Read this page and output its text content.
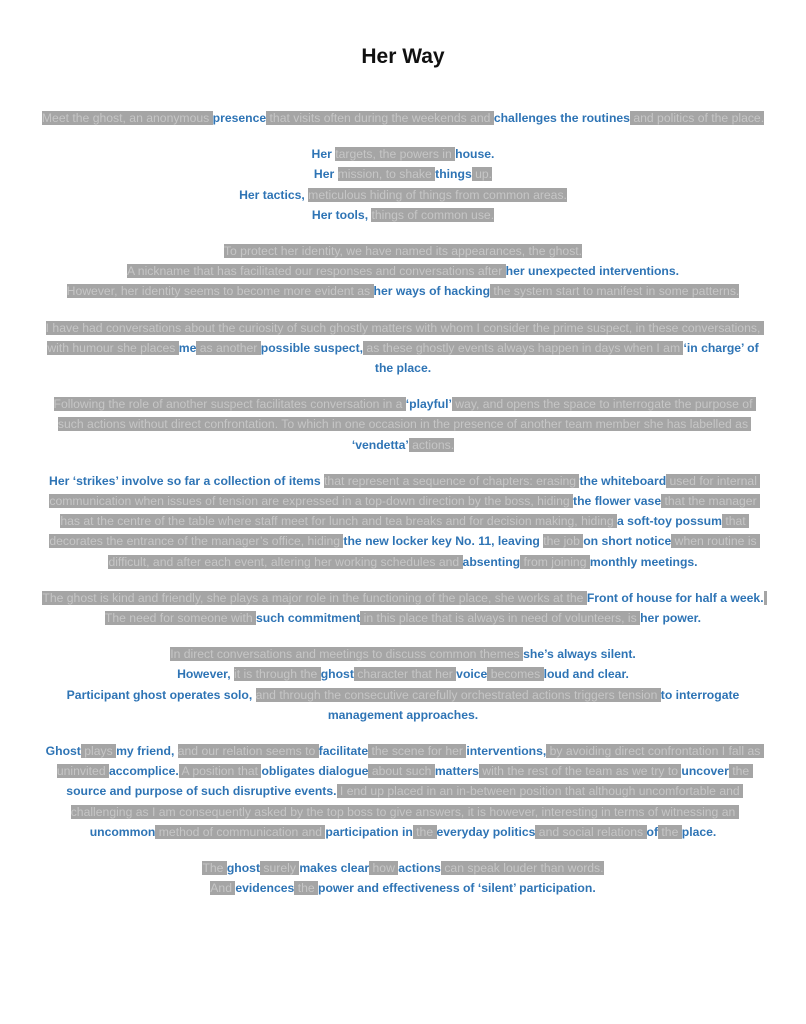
Her Way

Meet the ghost, an anonymous presence that visits often during the weekends and challenges the routines and politics of the place.

Her targets, the powers in house.
Her mission, to shake things up.
Her tactics, meticulous hiding of things from common areas.
Her tools, things of common use.

To protect her identity, we have named its appearances, the ghost.
A nickname that has facilitated our responses and conversations after her unexpected interventions.
However, her identity seems to become more evident as her ways of hacking the system start to manifest in some patterns.

I have had conversations about the curiosity of such ghostly matters with whom I consider the prime suspect, in these conversations, with humour she places me as another possible suspect, as these ghostly events always happen in days when I am ‘in charge’ of the place.

Following the role of another suspect facilitates conversation in a ‘playful’ way, and opens the space to interrogate the purpose of such actions without direct confrontation. To which in one occasion in the presence of another team member she has labelled as ‘vendetta’ actions.

Her ‘strikes’ involve so far a collection of items that represent a sequence of chapters: erasing the whiteboard used for internal communication when issues of tension are expressed in a top-down direction by the boss, hiding the flower vase that the manager has at the centre of the table where staff meet for lunch and tea breaks and for decision making, hiding a soft-toy possum that decorates the entrance of the manager’s office, hiding the new locker key No. 11, leaving the job on short notice when routine is difficult, and after each event, altering her working schedules and absenting from joining monthly meetings.

The ghost is kind and friendly, she plays a major role in the functioning of the place, she works at the Front of house for half a week. The need for someone with such commitment in this place that is always in need of volunteers, is her power.

In direct conversations and meetings to discuss common themes she’s always silent.
However, it is through the ghost character that her voice becomes loud and clear.
Participant ghost operates solo, and through the consecutive carefully orchestrated actions triggers tension to interrogate management approaches.

Ghost plays my friend, and our relation seems to facilitate the scene for her interventions, by avoiding direct confrontation I fall as uninvited accomplice. A position that obligates dialogue about such matters with the rest of the team as we try to uncover the source and purpose of such disruptive events. I end up placed in an in-between position that although uncomfortable and challenging as I am consequently asked by the top boss to give answers, it is however, interesting in terms of witnessing an uncommon method of communication and participation in the everyday politics and social relations of the place.

The ghost surely makes clear how actions can speak louder than words.
And evidences the power and effectiveness of ‘silent’ participation.
